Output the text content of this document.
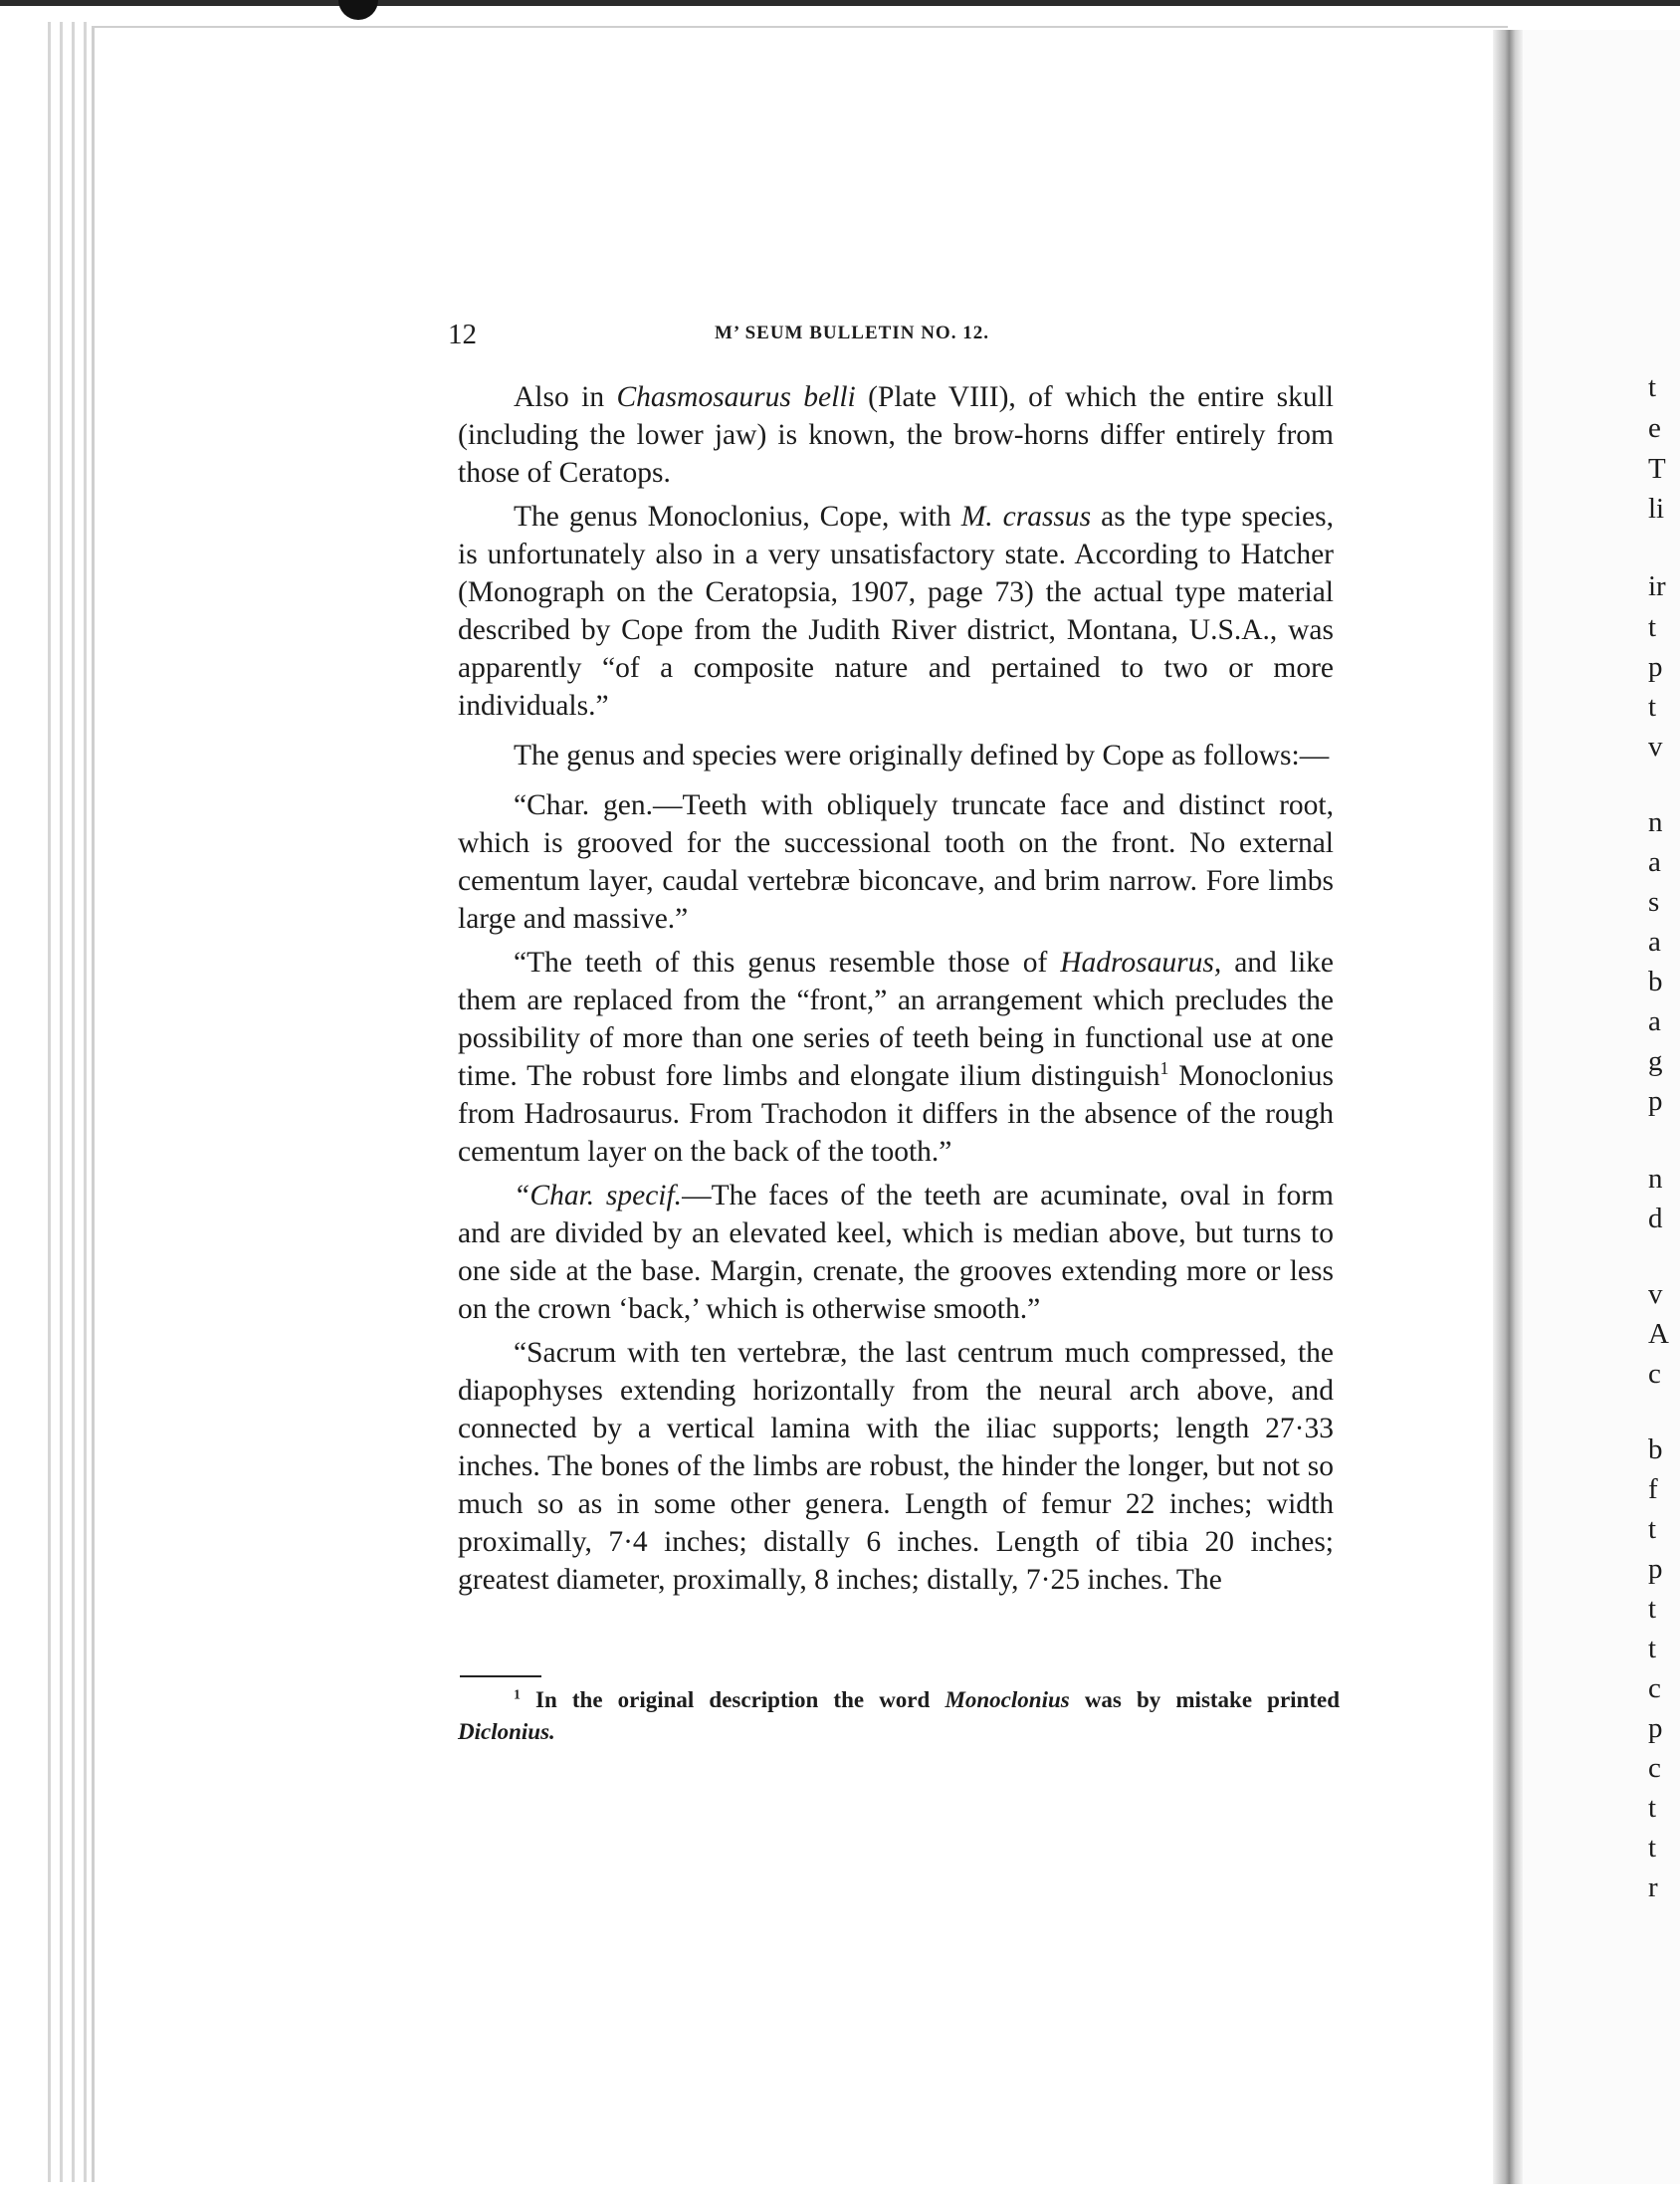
t
e
T
li
ir
t
p
t
v
n
a
s
a
b
a
g
p
n
d
v
A
c
b
f
t
p
t
t
c
p
c
t
t
r
12	M’ SEUM BULLETIN NO. 12.

Also in Chasmosaurus belli (Plate VIII), of which the entire skull (including the lower jaw) is known, the brow-horns differ entirely from those of Ceratops.

The genus Monoclonius, Cope, with M. crassus as the type species, is unfortunately also in a very unsatisfactory state. According to Hatcher (Monograph on the Ceratopsia, 1907, page 73) the actual type material described by Cope from the Judith River district, Montana, U.S.A., was apparently “of a composite nature and pertained to two or more individuals.”

The genus and species were originally defined by Cope as follows:—

“Char. gen.—Teeth with obliquely truncate face and distinct root, which is grooved for the successional tooth on the front. No external cementum layer, caudal vertebræ biconcave, and brim narrow. Fore limbs large and massive.”

“The teeth of this genus resemble those of Hadrosaurus, and like them are replaced from the “front,” an arrangement which precludes the possibility of more than one series of teeth being in functional use at one time. The robust fore limbs and elongate ilium distinguish$^1$ Monoclonius from Hadrosaurus. From Trachodon it differs in the absence of the rough cementum layer on the back of the tooth.”

“Char. specif.—The faces of the teeth are acuminate, oval in form and are divided by an elevated keel, which is median above, but turns to one side at the base. Margin, crenate, the grooves extending more or less on the crown ‘back,’ which is otherwise smooth.”

“Sacrum with ten vertebræ, the last centrum much compressed, the diapophyses extending horizontally from the neural arch above, and connected by a vertical lamina with the iliac supports; length 27·33 inches. The bones of the limbs are robust, the hinder the longer, but not so much so as in some other genera. Length of femur 22 inches; width proximally, 7·4 inches; distally 6 inches. Length of tibia 20 inches; greatest diameter, proximally, 8 inches; distally, 7·25 inches. The

$^1$ In the original description the word Monoclonius was by mistake printed Diclonius.
